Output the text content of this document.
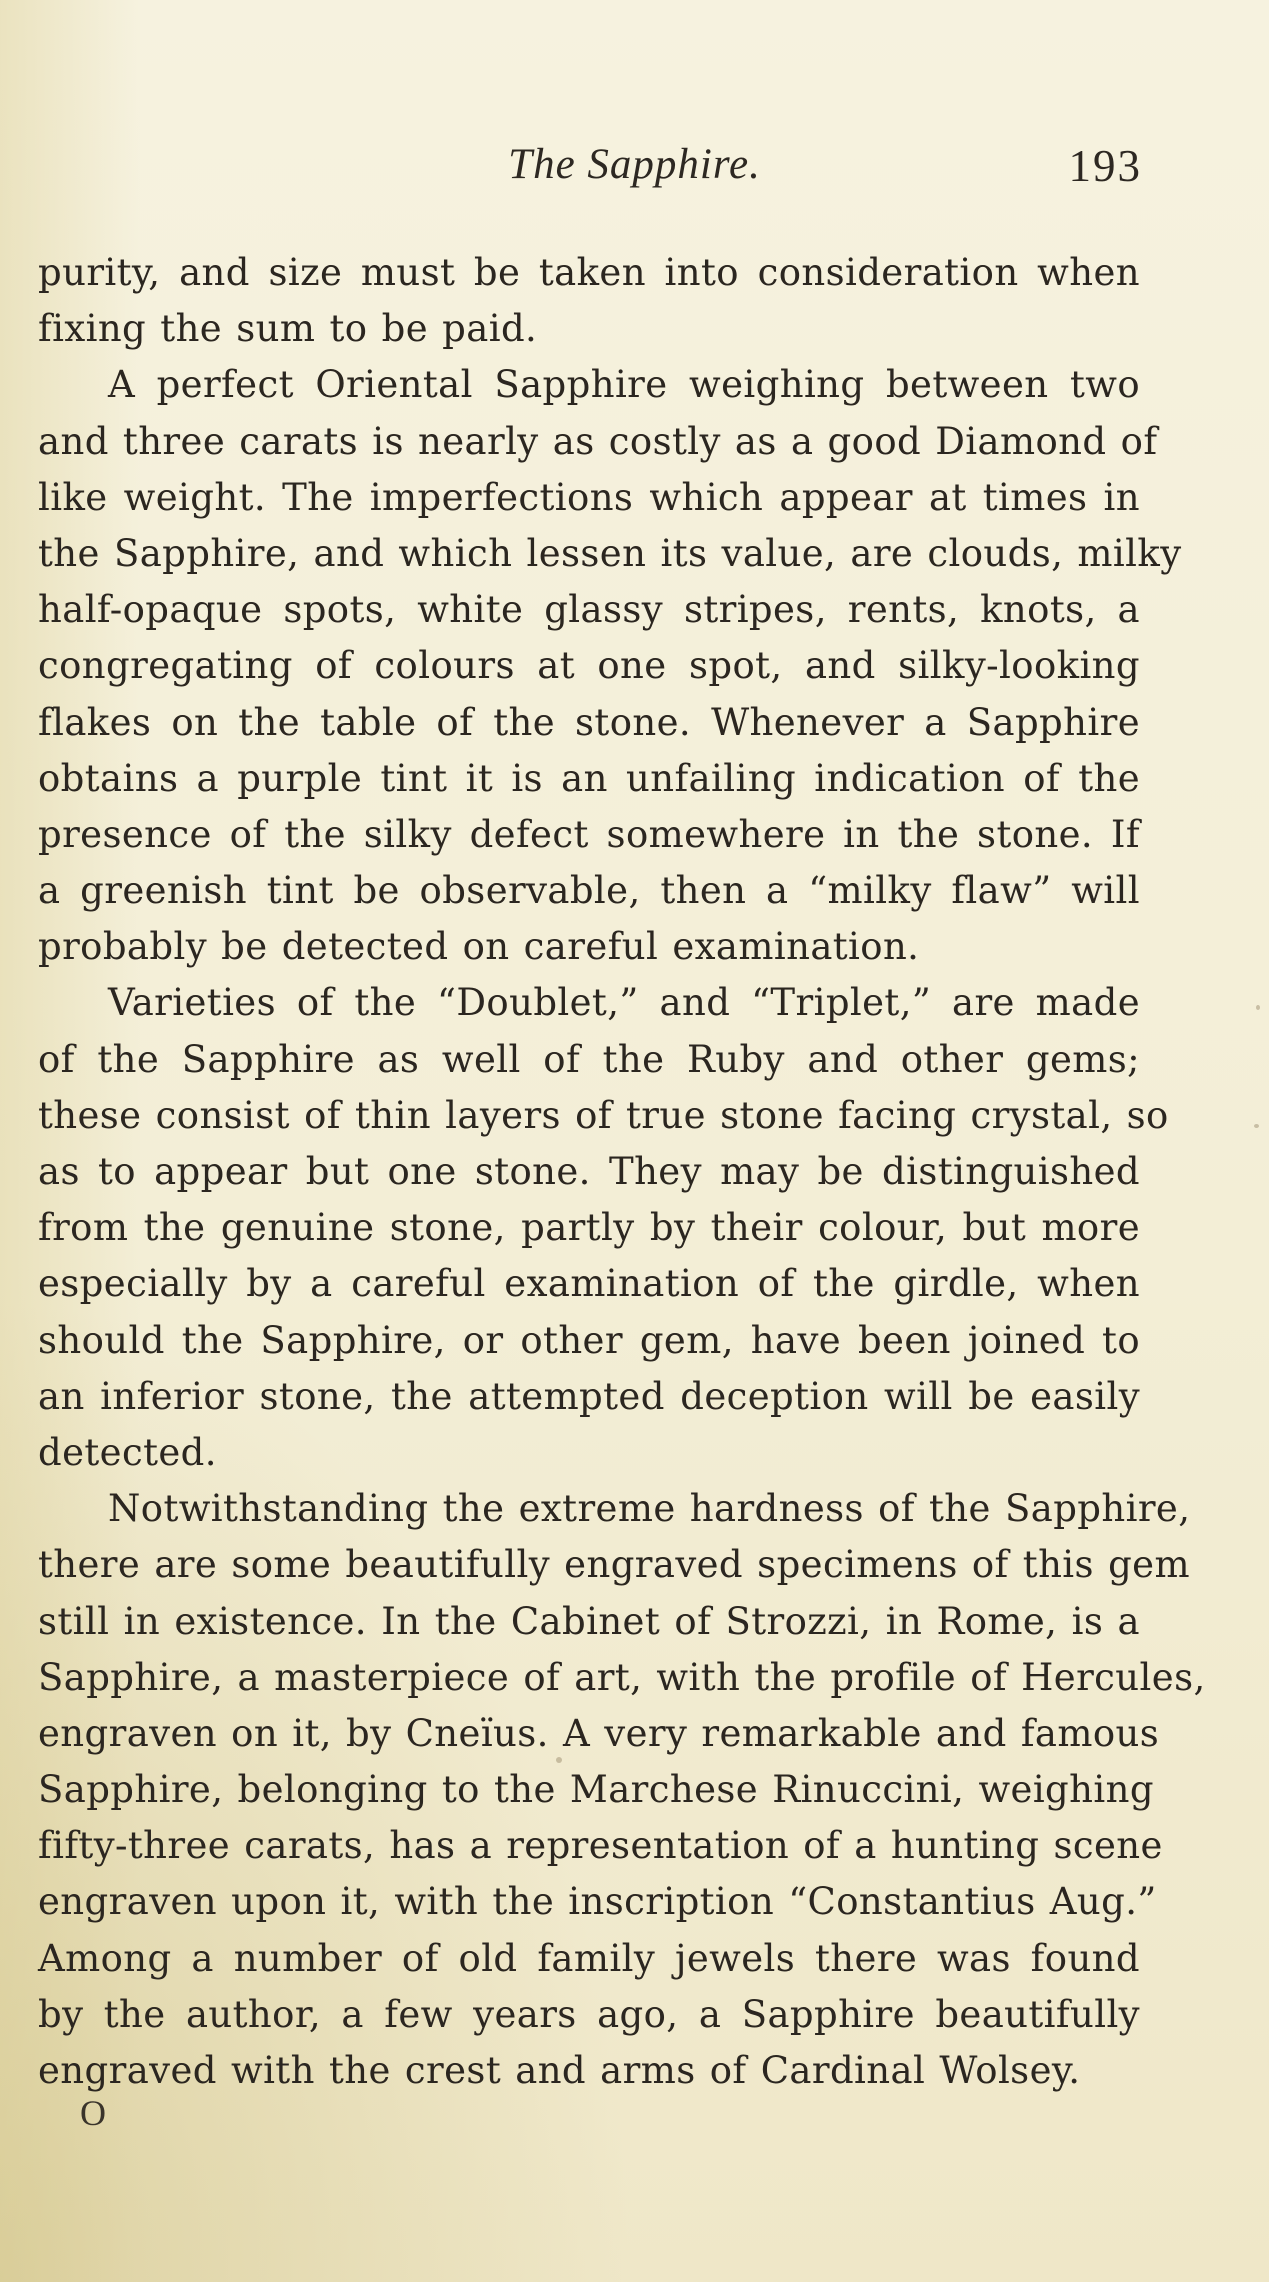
The Sapphire.	193
purity, and size must be taken into consideration when
fixing the sum to be paid.
A perfect Oriental Sapphire weighing between two
and three carats is nearly as costly as a good Diamond of
like weight. The imperfections which appear at times in
the Sapphire, and which lessen its value, are clouds, milky
half-opaque spots, white glassy stripes, rents, knots, a
congregating of colours at one spot, and silky-looking
flakes on the table of the stone. Whenever a Sapphire
obtains a purple tint it is an unfailing indication of the
presence of the silky defect somewhere in the stone. If
a greenish tint be observable, then a “milky flaw” will
probably be detected on careful examination.
Varieties of the “Doublet,” and “Triplet,” are made
of the Sapphire as well of the Ruby and other gems;
these consist of thin layers of true stone facing crystal, so
as to appear but one stone. They may be distinguished
from the genuine stone, partly by their colour, but more
especially by a careful examination of the girdle, when
should the Sapphire, or other gem, have been joined to
an inferior stone, the attempted deception will be easily
detected.
Notwithstanding the extreme hardness of the Sapphire,
there are some beautifully engraved specimens of this gem
still in existence. In the Cabinet of Strozzi, in Rome, is a
Sapphire, a masterpiece of art, with the profile of Hercules,
engraven on it, by Cneïus. A very remarkable and famous
Sapphire, belonging to the Marchese Rinuccini, weighing
fifty-three carats, has a representation of a hunting scene
engraven upon it, with the inscription “Constantius Aug.”
Among a number of old family jewels there was found
by the author, a few years ago, a Sapphire beautifully
engraved with the crest and arms of Cardinal Wolsey.
O
